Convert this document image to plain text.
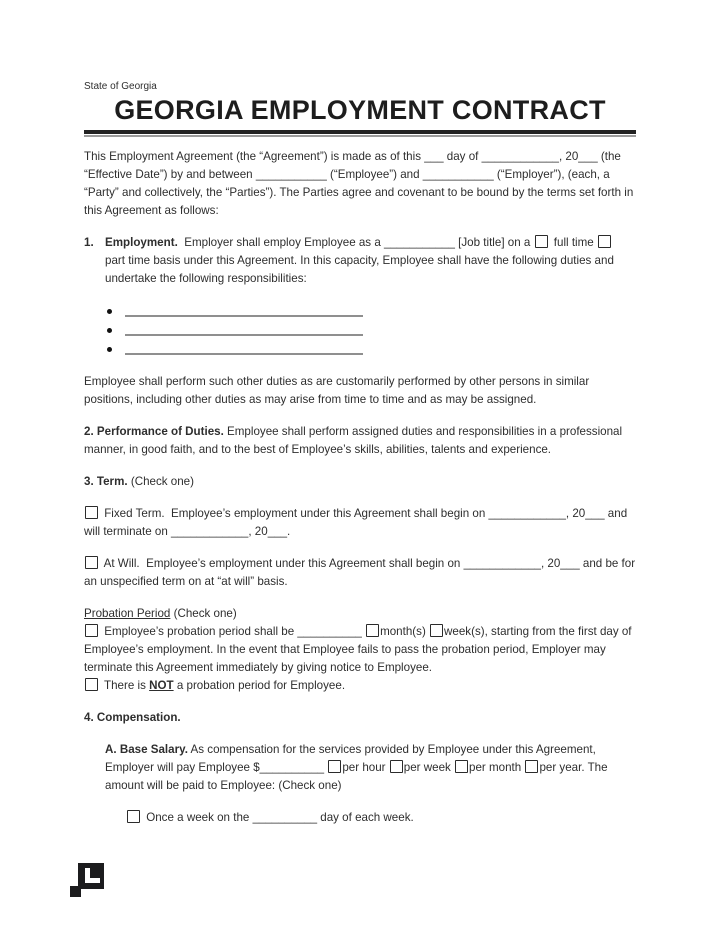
State of Georgia
GEORGIA EMPLOYMENT CONTRACT
This Employment Agreement (the “Agreement”) is made as of this ___ day of ____________, 20___ (the “Effective Date”) by and between ___________ (“Employee”) and ___________ (“Employer”), (each, a “Party” and collectively, the “Parties”). The Parties agree and covenant to be bound by the terms set forth in this Agreement as follows:
1. Employment.  Employer shall employ Employee as a ___________ [Job title] on a  full time  part time basis under this Agreement. In this capacity, Employee shall have the following duties and undertake the following responsibilities:
Employee shall perform such other duties as are customarily performed by other persons in similar positions, including other duties as may arise from time to time and as may be assigned.
2. Performance of Duties. Employee shall perform assigned duties and responsibilities in a professional manner, in good faith, and to the best of Employee’s skills, abilities, talents and experience.
3. Term. (Check one)
Fixed Term.  Employee’s employment under this Agreement shall begin on ____________, 20___ and will terminate on ____________, 20___.
At Will.  Employee’s employment under this Agreement shall begin on ____________, 20___ and be for an unspecified term on at “at will” basis.
Probation Period (Check one)
Employee’s probation period shall be __________ month(s) week(s), starting from the first day of Employee’s employment. In the event that Employee fails to pass the probation period, Employer may terminate this Agreement immediately by giving notice to Employee.
There is NOT a probation period for Employee.
4. Compensation.
A. Base Salary. As compensation for the services provided by Employee under this Agreement, Employer will pay Employee $__________ per hour per week per month per year. The amount will be paid to Employee: (Check one)
Once a week on the __________ day of each week.
